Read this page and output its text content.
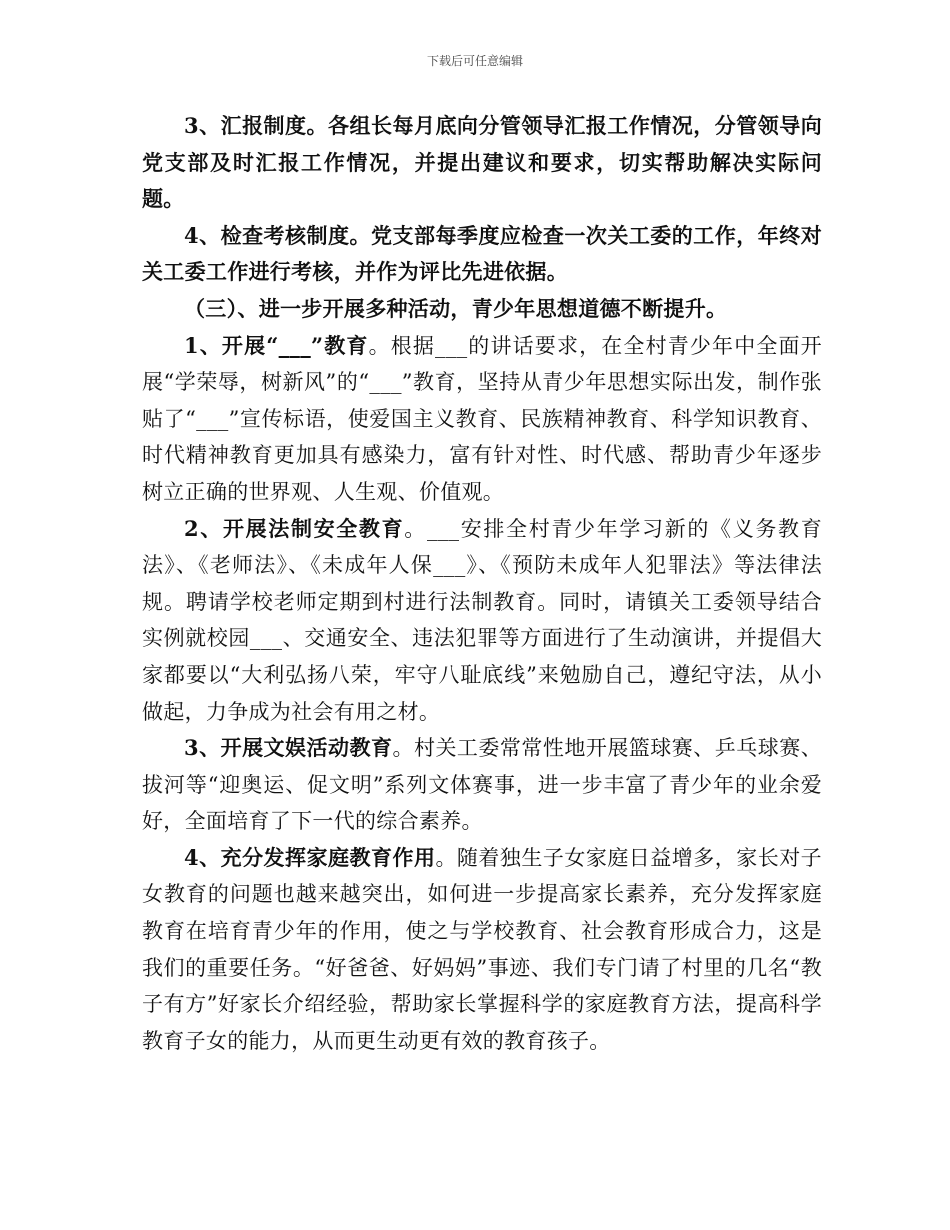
下载后可任意编辑

3、汇报制度。各组长每月底向分管领导汇报工作情况，分管领导向党支部及时汇报工作情况，并提出建议和要求，切实帮助解决实际问题。

4、检查考核制度。党支部每季度应检查一次关工委的工作，年终对关工委工作进行考核，并作为评比先进依据。

（三）、进一步开展多种活动，青少年思想道德不断提升。

1、开展“___”教育。根据___的讲话要求，在全村青少年中全面开展“学荣辱，树新风”的“___”教育，坚持从青少年思想实际出发，制作张贴了“___”宣传标语，使爱国主义教育、民族精神教育、科学知识教育、时代精神教育更加具有感染力，富有针对性、时代感、帮助青少年逐步树立正确的世界观、人生观、价值观。

2、开展法制安全教育。___安排全村青少年学习新的《义务教育法》、《老师法》、《未成年人保___》、《预防未成年人犯罪法》等法律法规。聘请学校老师定期到村进行法制教育。同时，请镇关工委领导结合实例就校园___、交通安全、违法犯罪等方面进行了生动演讲，并提倡大家都要以“大利弘扬八荣，牢守八耻底线”来勉励自己，遵纪守法，从小做起，力争成为社会有用之材。

3、开展文娱活动教育。村关工委常常性地开展篮球赛、乒乓球赛、拔河等“迎奥运、促文明”系列文体赛事，进一步丰富了青少年的业余爱好，全面培育了下一代的综合素养。

4、充分发挥家庭教育作用。随着独生子女家庭日益增多，家长对子女教育的问题也越来越突出，如何进一步提高家长素养，充分发挥家庭教育在培育青少年的作用，使之与学校教育、社会教育形成合力，这是我们的重要任务。“好爸爸、好妈妈”事迹、我们专门请了村里的几名“教子有方”好家长介绍经验，帮助家长掌握科学的家庭教育方法，提高科学教育子女的能力，从而更生动更有效的教育孩子。
